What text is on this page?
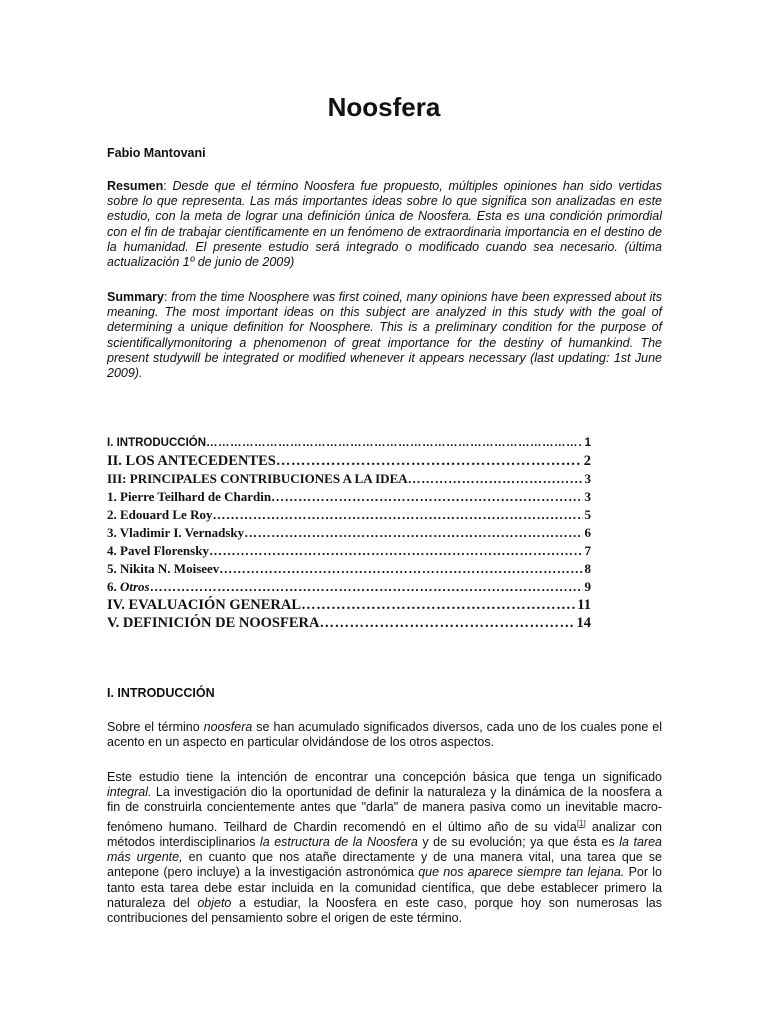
Noosfera

Fabio Mantovani

Resumen: Desde que el término Noosfera fue propuesto, múltiples opiniones han sido vertidas sobre lo que representa. Las más importantes ideas sobre lo que significa son analizadas en este estudio, con la meta de lograr una definición única de Noosfera. Esta es una condición primordial con el fin de trabajar científicamente en un fenómeno de extraordinaria importancia en el destino de la humanidad. El presente estudio será integrado o modificado cuando sea necesario. (última actualización 1º de junio de 2009)

Summary: from the time Noosphere was first coined, many opinions have been expressed about its meaning. The most important ideas on this subject are analyzed in this study with the goal of determining a unique definition for Noosphere. This is a preliminary condition for the purpose of scientificallymonitoring a phenomenon of great importance for the destiny of humankind. The present studywill be integrated or modified whenever it appears necessary (last updating: 1st June 2009).

I. INTRODUCCIÓN ……………………………………………………………………………………………………………………………………………………………………………………………………………………	1
II. LOS ANTECEDENTES ……………………………………………………………………………………………………………………………………………………………………………………………………………………	2
III: PRINCIPALES CONTRIBUCIONES A LA IDEA ……………………………………………………………………………………………………………………………………………………………………………………………………………………	3
1. Pierre Teilhard de Chardin ……………………………………………………………………………………………………………………………………………………………………………………………………………………	3
2. Edouard Le Roy ……………………………………………………………………………………………………………………………………………………………………………………………………………………	5
3. Vladimir I. Vernadsky ……………………………………………………………………………………………………………………………………………………………………………………………………………………	6
4. Pavel Florensky ……………………………………………………………………………………………………………………………………………………………………………………………………………………	7
5. Nikita N. Moiseev ……………………………………………………………………………………………………………………………………………………………………………………………………………………	8
6. Otros ……………………………………………………………………………………………………………………………………………………………………………………………………………………	9
IV. EVALUACIÓN GENERAL ……………………………………………………………………………………………………………………………………………………………………………………………………………………	11
V. DEFINICIÓN DE NOOSFERA ……………………………………………………………………………………………………………………………………………………………………………………………………………………	14

I. INTRODUCCIÓN

Sobre el término noosfera se han acumulado significados diversos, cada uno de los cuales pone el acento en un aspecto en particular olvidándose de los otros aspectos.

Este estudio tiene la intención de encontrar una concepción básica que tenga un significado integral. La investigación dio la oportunidad de definir la naturaleza y la dinámica de la noosfera a fin de construirla concientemente antes que "darla" de manera pasiva como un inevitable macro-fenómeno humano. Teilhard de Chardin recomendó en el último año de su vida[1] analizar con métodos interdisciplinarios la estructura de la Noosfera y de su evolución; ya que ésta es la tarea más urgente, en cuanto que nos atañe directamente y de una manera vital, una tarea que se antepone (pero incluye) a la investigación astronómica que nos aparece siempre tan lejana. Por lo tanto esta tarea debe estar incluida en la comunidad científica, que debe establecer primero la naturaleza del objeto a estudiar, la Noosfera en este caso, porque hoy son numerosas las contribuciones del pensamiento sobre el origen de este término.
